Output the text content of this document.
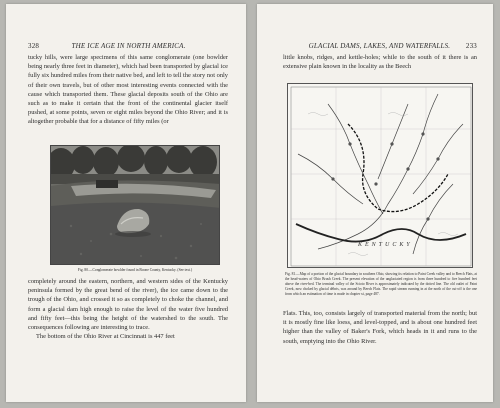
328	THE ICE AGE IN NORTH AMERICA.

tucky hills, were large specimens of this same conglomerate (one bowlder being nearly three feet in diameter), which had been transported by glacial ice fully six hundred miles from their native bed, and left to tell the story not only of their own travels, but of other most interesting events connected with the cause which transported them. These glacial deposits south of the Ohio are such as to make it certain that the front of the continental glacier itself pushed, at some points, seven or eight miles beyond the Ohio River; and it is altogether probable that for a distance of fifty miles (or

Fig. 80.—Conglomerate bowlder found in Boone County, Kentucky. (See text.)

completely around the eastern, northern, and western sides of the Kentucky peninsula formed by the great bend of the river), the ice came down to the trough of the Ohio, and crossed it so as completely to choke the channel, and form a glacial dam high enough to raise the level of the water five hundred and fifty feet—this being the height of the watershed to the south. The consequences following are interesting to trace.

The bottom of the Ohio River at Cincinnati is 447 feet

GLACIAL DAMS, LAKES, AND WATERFALLS. 233

little knobs, ridges, and kettle-holes; while to the south of it there is an extensive plain known in the locality as the Beech

KENTUCKY
Fig. 81.—Map of a portion of the glacial boundary in southern Ohio, showing its relation to Paint Creek valley and to Beech Flats, at the head-waters of Ohio Brush Creek. The present elevation of the unglaciated region is from three hundred to five hundred feet above the river-bed. The terminal valley of the Scioto River is approximately indicated by the dotted line. The old outlet of Paint Creek, now choked by glacial débris, was around by Beech Flats. The rapid stream running in at the north of the cut-off is the one from which an estimation of time is made in chapter xi, page 487.

Flats. This, too, consists largely of transported material from the north; but it is mostly fine like loess, and level-topped, and is about one hundred feet higher than the valley of Baker's Fork, which heads in it and runs to the south, emptying into the Ohio River.
